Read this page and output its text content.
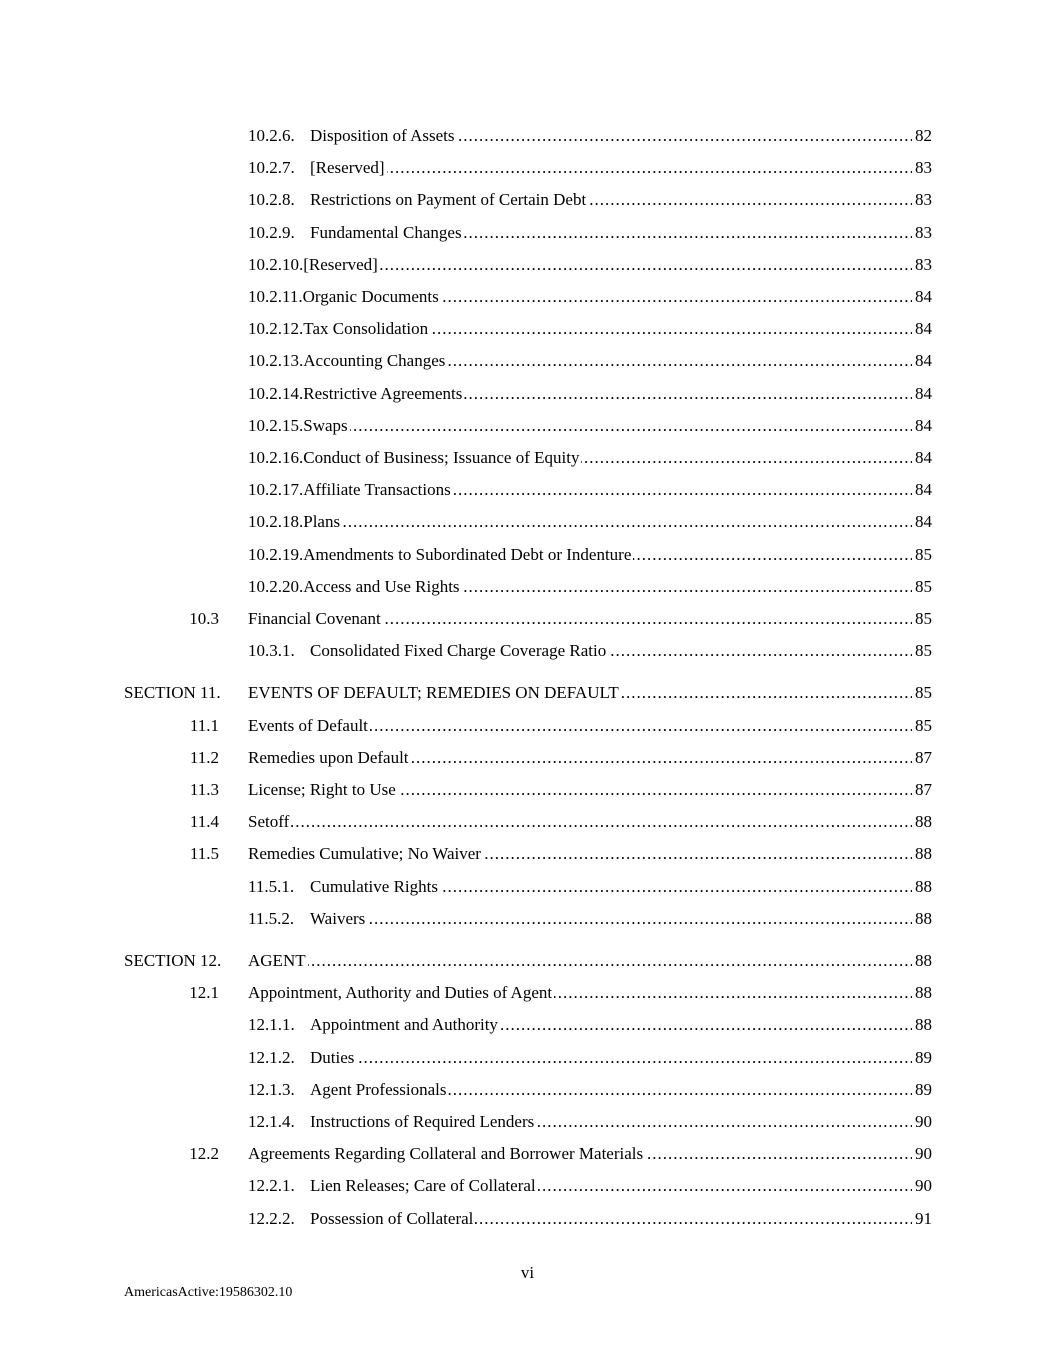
.....
10.2.6. Disposition of Assets	82
.....
10.2.7. [Reserved]	83
.....
10.2.8. Restrictions on Payment of Certain Debt	83
.....
10.2.9. Fundamental Changes	83
.....
10.2.10.[Reserved]	83
.....
10.2.11.Organic Documents	84
.....
10.2.12.Tax Consolidation	84
.....
10.2.13.Accounting Changes	84
.....
10.2.14.Restrictive Agreements	84
.....
10.2.15.Swaps	84
.....
10.2.16.Conduct of Business; Issuance of Equity	84
.....
10.2.17.Affiliate Transactions	84
.....
10.2.18.Plans	84
.....
10.2.19.Amendments to Subordinated Debt or Indenture	85
.....
10.2.20.Access and Use Rights	85
10.3 ..... Financial Covenant	85
.....
10.3.1. Consolidated Fixed Charge Coverage Ratio	85
SECTION 11. ..... EVENTS OF DEFAULT; REMEDIES ON DEFAULT	85
11.1 ..... Events of Default	85
11.2 ..... Remedies upon Default	87
11.3 ..... License; Right to Use	87
11.4 ..... Setoff	88
11.5 ..... Remedies Cumulative; No Waiver	88
.....
11.5.1. Cumulative Rights	88
.....
11.5.2. Waivers	88
SECTION 12. ..... AGENT	88
12.1 ..... Appointment, Authority and Duties of Agent	88
.....
12.1.1. Appointment and Authority	88
.....
12.1.2. Duties	89
.....
12.1.3. Agent Professionals	89
.....
12.1.4. Instructions of Required Lenders	90
12.2 ..... Agreements Regarding Collateral and Borrower Materials	90
.....
12.2.1. Lien Releases; Care of Collateral	90
.....
12.2.2. Possession of Collateral	91
vi
AmericasActive:19586302.10
